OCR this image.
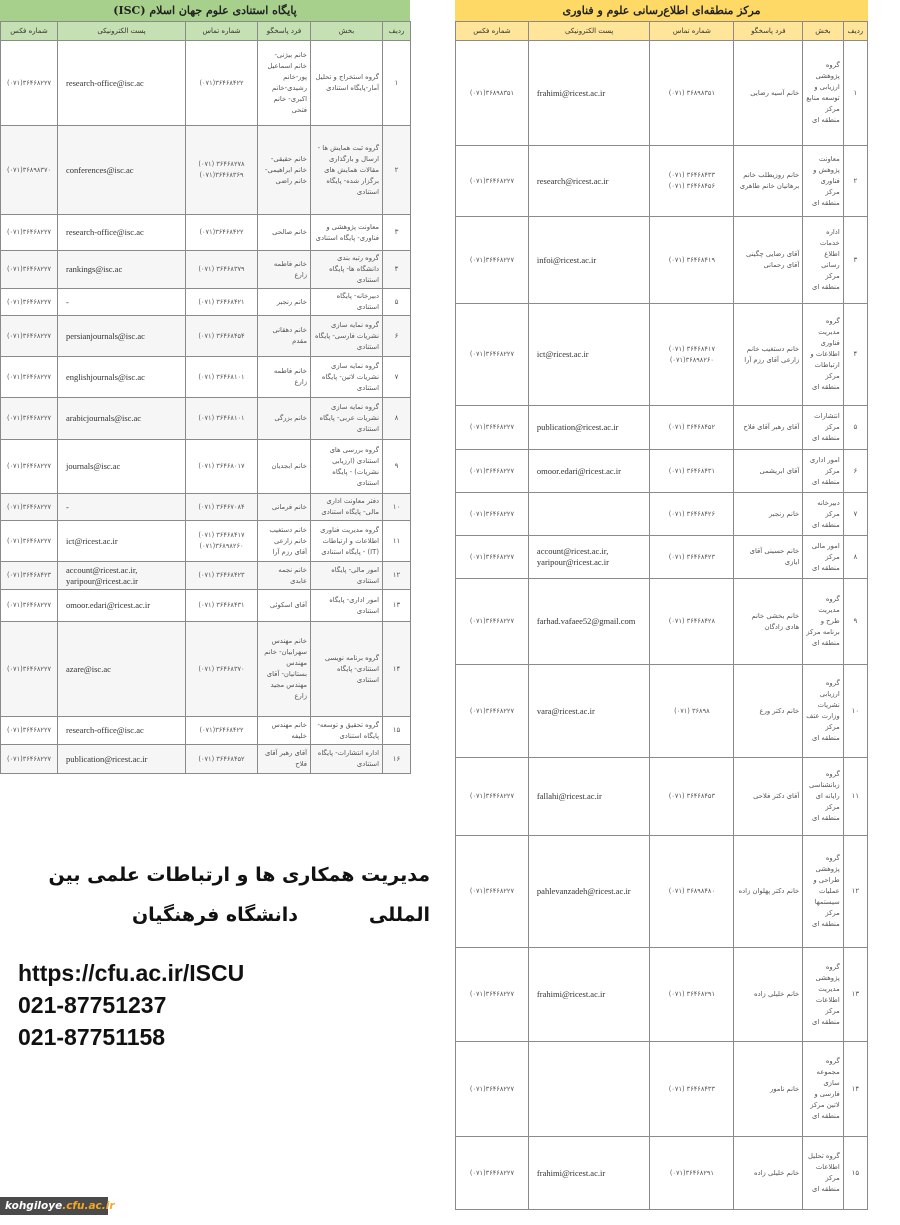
پایگاه استنادی علوم جهان اسلام (ISC)
ردیف	بخش	فرد پاسخگو	شماره تماس	پست الکترونیکی	شماره فکس

۱	گروه استخراج و تحلیل آمار-پایگاه استنادی	خانم بیژنی- خانم اسماعیل پور-خانم رشیدی-خانم اکبری- خانم فتحی	(۰۷۱)۳۶۴۶۸۴۲۲	research-office@isc.ac	(۰۷۱)۳۶۴۶۸۲۲۷

۲	گروه ثبت همایش ها - ارسال و بارگذاری مقالات همایش های برگزار شده- پایگاه استنادی	خانم حقیقی- خانم ابراهیمی- خانم راضی	(۰۷۱) ۳۶۴۶۸۲۷۸
(۰۷۱)۳۶۴۶۸۳۶۹	conferences@isc.ac	(۰۷۱)۳۶۸۹۸۳۷۰

۳	معاونت پژوهشی و فناوری- پایگاه استنادی	خانم صالحی	(۰۷۱)۳۶۴۶۸۴۲۲	research-office@isc.ac	(۰۷۱)۳۶۴۶۸۲۲۷

۴	گروه رتبه بندی دانشگاه ها- پایگاه استنادی	خانم فاطمه زارع	(۰۷۱) ۳۶۴۶۸۳۷۹	rankings@isc.ac	(۰۷۱)۳۶۴۶۸۲۲۷

۵	دبیرخانه- پایگاه استنادی	خانم رنجبر	(۰۷۱) ۳۶۴۶۸۴۲۱	-	(۰۷۱)۳۶۴۶۸۲۲۷

۶	گروه نمایه سازی نشریات فارسی- پایگاه استنادی	خانم دهقانی مقدم	(۰۷۱) ۳۶۴۶۸۴۵۴	persianjournals@isc.ac	(۰۷۱)۳۶۴۶۸۲۲۷

۷	گروه نمایه سازی نشریات لاتین- پایگاه استنادی	خانم فاطمه زارع	(۰۷۱) ۳۶۴۶۸۱۰۱	englishjournals@isc.ac	(۰۷۱)۳۶۴۶۸۲۲۷

۸	گروه نمایه سازی نشریات عربی- پایگاه استنادی	خانم بزرگی	(۰۷۱) ۳۶۴۶۸۱۰۱	arabicjournals@isc.ac	(۰۷۱)۳۶۴۶۸۲۲۷

۹	گروه بررسی های استنادی (ارزیابی نشریات) - پایگاه استنادی	خانم ابجدیان	(۰۷۱) ۳۶۴۶۸۰۱۷	journals@isc.ac	(۰۷۱)۳۶۴۶۸۲۲۷

۱۰	دفتر معاونت اداری مالی- پایگاه استنادی	خانم فرمانی	(۰۷۱) ۳۶۴۶۷۰۸۴	-	(۰۷۱)۳۶۴۶۸۲۲۷

۱۱	گروه مدیریت فناوری اطلاعات و ارتباطات (IT) - پایگاه استنادی	خانم دستغیب خانم زارعی آقای رزم آرا	(۰۷۱) ۳۶۴۶۸۴۱۷
(۰۷۱)۳۶۸۹۸۲۶۰	ict@ricest.ac.ir	(۰۷۱)۳۶۴۶۸۲۲۷

۱۲	امور مالی- پایگاه استنادی	خانم نجمه عابدی	(۰۷۱) ۳۶۴۶۸۴۲۳	account@ricest.ac.ir,
yaripour@ricest.ac.ir	(۰۷۱)۳۶۴۶۸۴۲۳

۱۳	امور اداری- پایگاه استنادی	آقای اسکوئی	(۰۷۱) ۳۶۴۶۸۴۳۱	omoor.edari@ricest.ac.ir	(۰۷۱)۳۶۴۶۸۲۲۷

۱۴	گروه برنامه نویسی استنادی- پایگاه استنادی	خانم مهندس سهرابیان- خانم مهندس بستانیان- آقای مهندس مجید زارع	(۰۷۱) ۳۶۴۶۸۳۷۰	azare@isc.ac	(۰۷۱)۳۶۴۶۸۲۲۷

۱۵	گروه تحقیق و توسعه- پایگاه استنادی	خانم مهندس خلیفه	(۰۷۱)۳۶۴۶۸۴۲۲	research-office@isc.ac	(۰۷۱)۳۶۴۶۸۲۲۷

۱۶	اداره انتشارات- پایگاه استنادی	آقای رهبر آقای فلاح	(۰۷۱) ۳۶۴۶۸۴۵۲	publication@ricest.ac.ir	(۰۷۱)۳۶۴۶۸۲۲۷
مرکز منطقه‌ای اطلاع‌رسانی علوم و فناوری
ردیف	بخش	فرد پاسخگو	شماره تماس	پست الکترونیکی	شماره فکس

۱	گروه پژوهشی ارزیابی و توسعه منابع مرکز منطقه ای	خانم آسیه رضایی	(۰۷۱) ۳۶۸۹۸۳۵۱	frahimi@ricest.ac.ir	(۰۷۱)۳۶۸۹۸۳۵۱

۲	معاونت پژوهش و فناوری مرکز منطقه ای	خانم روزیطلب خانم برهانیان خانم طاهری	(۰۷۱) ۳۶۴۶۸۴۳۳
(۰۷۱) ۳۶۴۶۸۴۵۶	research@ricest.ac.ir	(۰۷۱)۳۶۴۶۸۲۲۷

۳	اداره خدمات اطلاع رسانی مرکز منطقه ای	آقای رضایی چگینی آقای رحمانی	(۰۷۱) ۳۶۴۶۸۴۱۹	infoi@ricest.ac.ir	(۰۷۱)۳۶۴۶۸۲۲۷

۴	گروه مدیریت فناوری اطلاعات و ارتباطات مرکز منطقه ای	خانم دستغیب خانم زارعی آقای رزم آرا	(۰۷۱) ۳۶۴۶۸۴۱۷
(۰۷۱)۳۶۸۹۸۲۶۰	ict@ricest.ac.ir	(۰۷۱)۳۶۴۶۸۲۲۷

۵	انتشارات مرکز منطقه ای	آقای رهبر آقای فلاح	(۰۷۱) ۳۶۴۶۸۴۵۲	publication@ricest.ac.ir	(۰۷۱)۳۶۴۶۸۲۲۷

۶	امور اداری مرکز منطقه ای	آقای ابریشمی	(۰۷۱) ۳۶۴۶۸۴۳۱	omoor.edari@ricest.ac.ir	(۰۷۱)۳۶۴۶۸۲۲۷

۷	دبیرخانه مرکز منطقه ای	خانم رنجبر	(۰۷۱) ۳۶۴۶۸۴۲۶		(۰۷۱)۳۶۴۶۸۲۲۷

۸	امور مالی مرکز منطقه ای	خانم حسینی آقای ایازی	(۰۷۱) ۳۶۴۶۸۴۲۳	account@ricest.ac.ir,
yaripour@ricest.ac.ir	(۰۷۱)۳۶۴۶۸۲۲۷

۹	گروه مدیریت طرح و برنامه مرکز منطقه ای	خانم بخشی خانم هادی زادگان	(۰۷۱) ۳۶۴۶۸۴۲۸	farhad.vafaee52@gmail.com	(۰۷۱)۳۶۴۶۸۲۲۷

۱۰	گروه ارزیابی نشریات وزارت عتف مرکز منطقه ای	خانم دکتر ورع	(۰۷۱) ۳۶۸۹۸	vara@ricest.ac.ir	(۰۷۱)۳۶۴۶۸۲۲۷

۱۱	گروه زبانشناسی رایانه ای مرکز منطقه ای	آقای دکتر فلاحی	(۰۷۱) ۳۶۴۶۸۴۵۳	fallahi@ricest.ac.ir	(۰۷۱)۳۶۴۶۸۲۲۷

۱۲	گروه پژوهشی طراحی و عملیات سیستمها مرکز منطقه ای	خانم دکتر پهلوان زاده	(۰۷۱) ۳۶۸۹۸۴۸۰	pahlevanzadeh@ricest.ac.ir	(۰۷۱)۳۶۴۶۸۲۲۷

۱۳	گروه پژوهشی مدیریت اطلاعات مرکز منطقه ای	خانم خلیلی زاده	(۰۷۱) ۳۶۴۶۸۲۹۱	frahimi@ricest.ac.ir	(۰۷۱)۳۶۴۶۸۲۲۷

۱۴	گروه مجموعه سازی فارسی و لاتین مرکز منطقه ای	خانم نامور	(۰۷۱) ۳۶۴۶۸۴۳۳		(۰۷۱)۳۶۴۶۸۲۲۷

۱۵	گروه تحلیل اطلاعات مرکز منطقه ای	خانم خلیلی زاده	(۰۷۱)۳۶۴۶۸۲۹۱	frahimi@ricest.ac.ir	(۰۷۱)۳۶۴۶۸۲۲۷
مدیریت همکاری ها و ارتباطات علمی بین المللی
دانشگاه فرهنگیان
https://cfu.ac.ir/ISCU
021-87751237
021-87751158
kohgiloye.cfu.ac.ir
